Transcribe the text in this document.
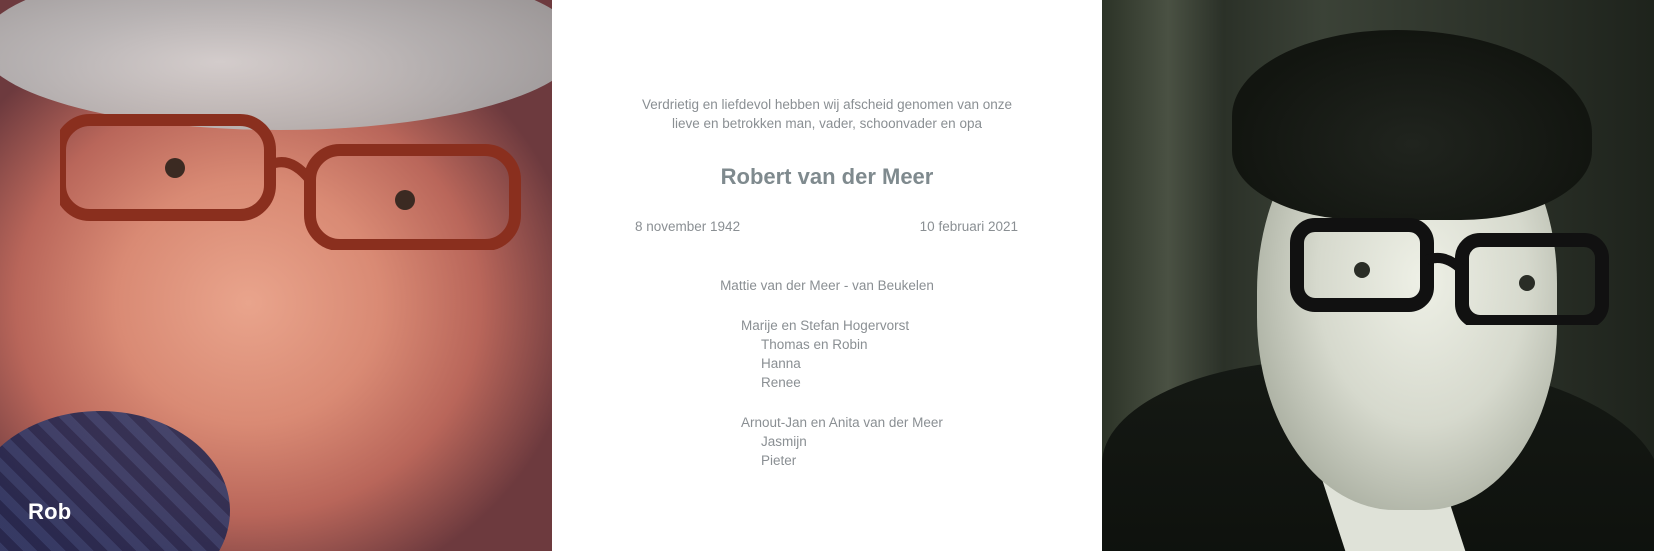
Rob
Verdrietig en liefdevol hebben wij afscheid genomen van onze
lieve en betrokken man, vader, schoonvader en opa
Robert van der Meer
8 november 1942	10 februari 2021
Mattie van der Meer - van Beukelen
Marije en Stefan Hogervorst
Thomas en Robin
Hanna
Renee
Arnout-Jan en Anita van der Meer
Jasmijn
Pieter
